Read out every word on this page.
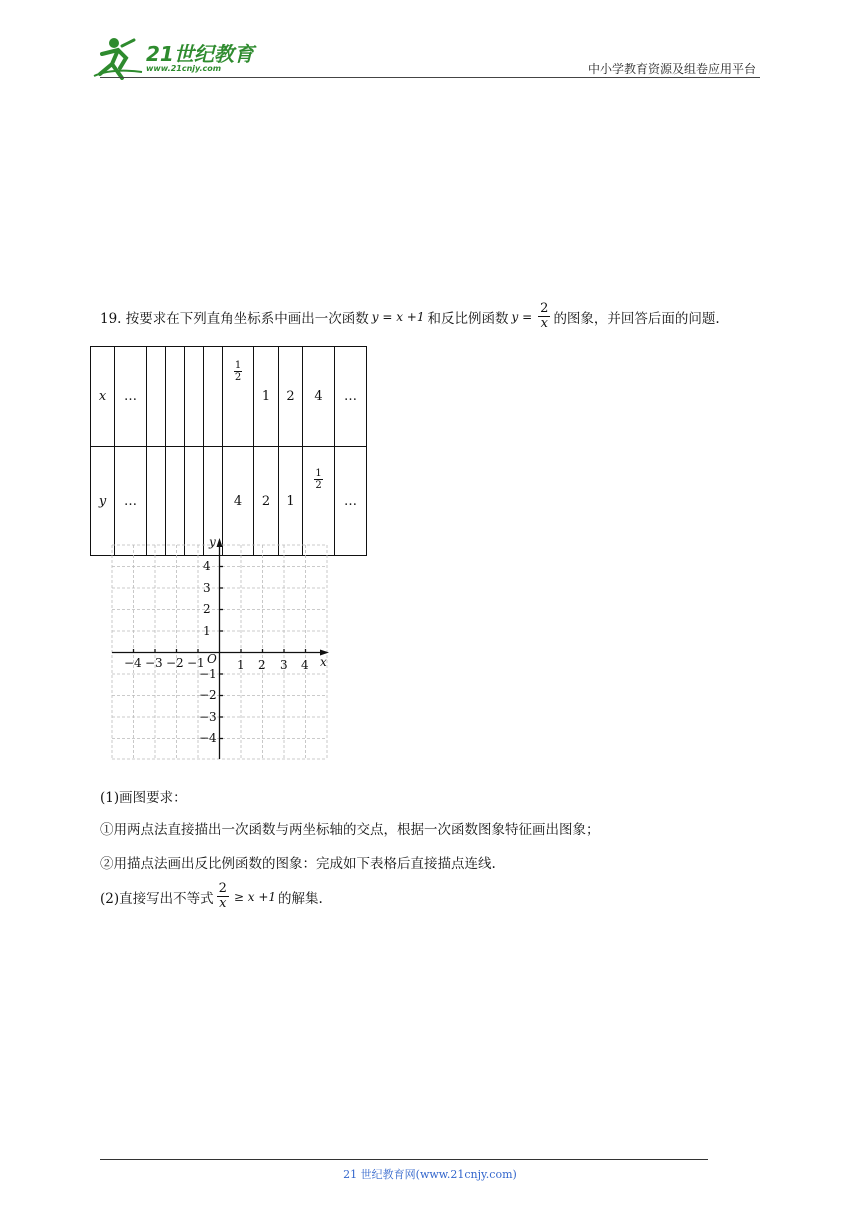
21世纪教育
www.21cnjy.com	中小学教育资源及组卷应用平台
19. 按要求在下列直角坐标系中画出一次函数 y = x +1 和反比例函数 $y = \frac{2}{x}$ 的图象，并回答后面的问题.
x	…					$\frac{1}{2}$	1	2	4	…
y	…					4	2	1	$\frac{1}{2}$	…
y
x
O
−4 −3 −2 −1	1 2 3 4
4
3
2
1
−1
−2
−3
−4
(1)画图要求：
①用两点法直接描出一次函数与两坐标轴的交点，根据一次函数图象特征画出图象；
②用描点法画出反比例函数的图象：完成如下表格后直接描点连线.
(2)直接写出不等式 $\frac{2}{x} \ge x +1$ 的解集.
21 世纪教育网(www.21cnjy.com)
